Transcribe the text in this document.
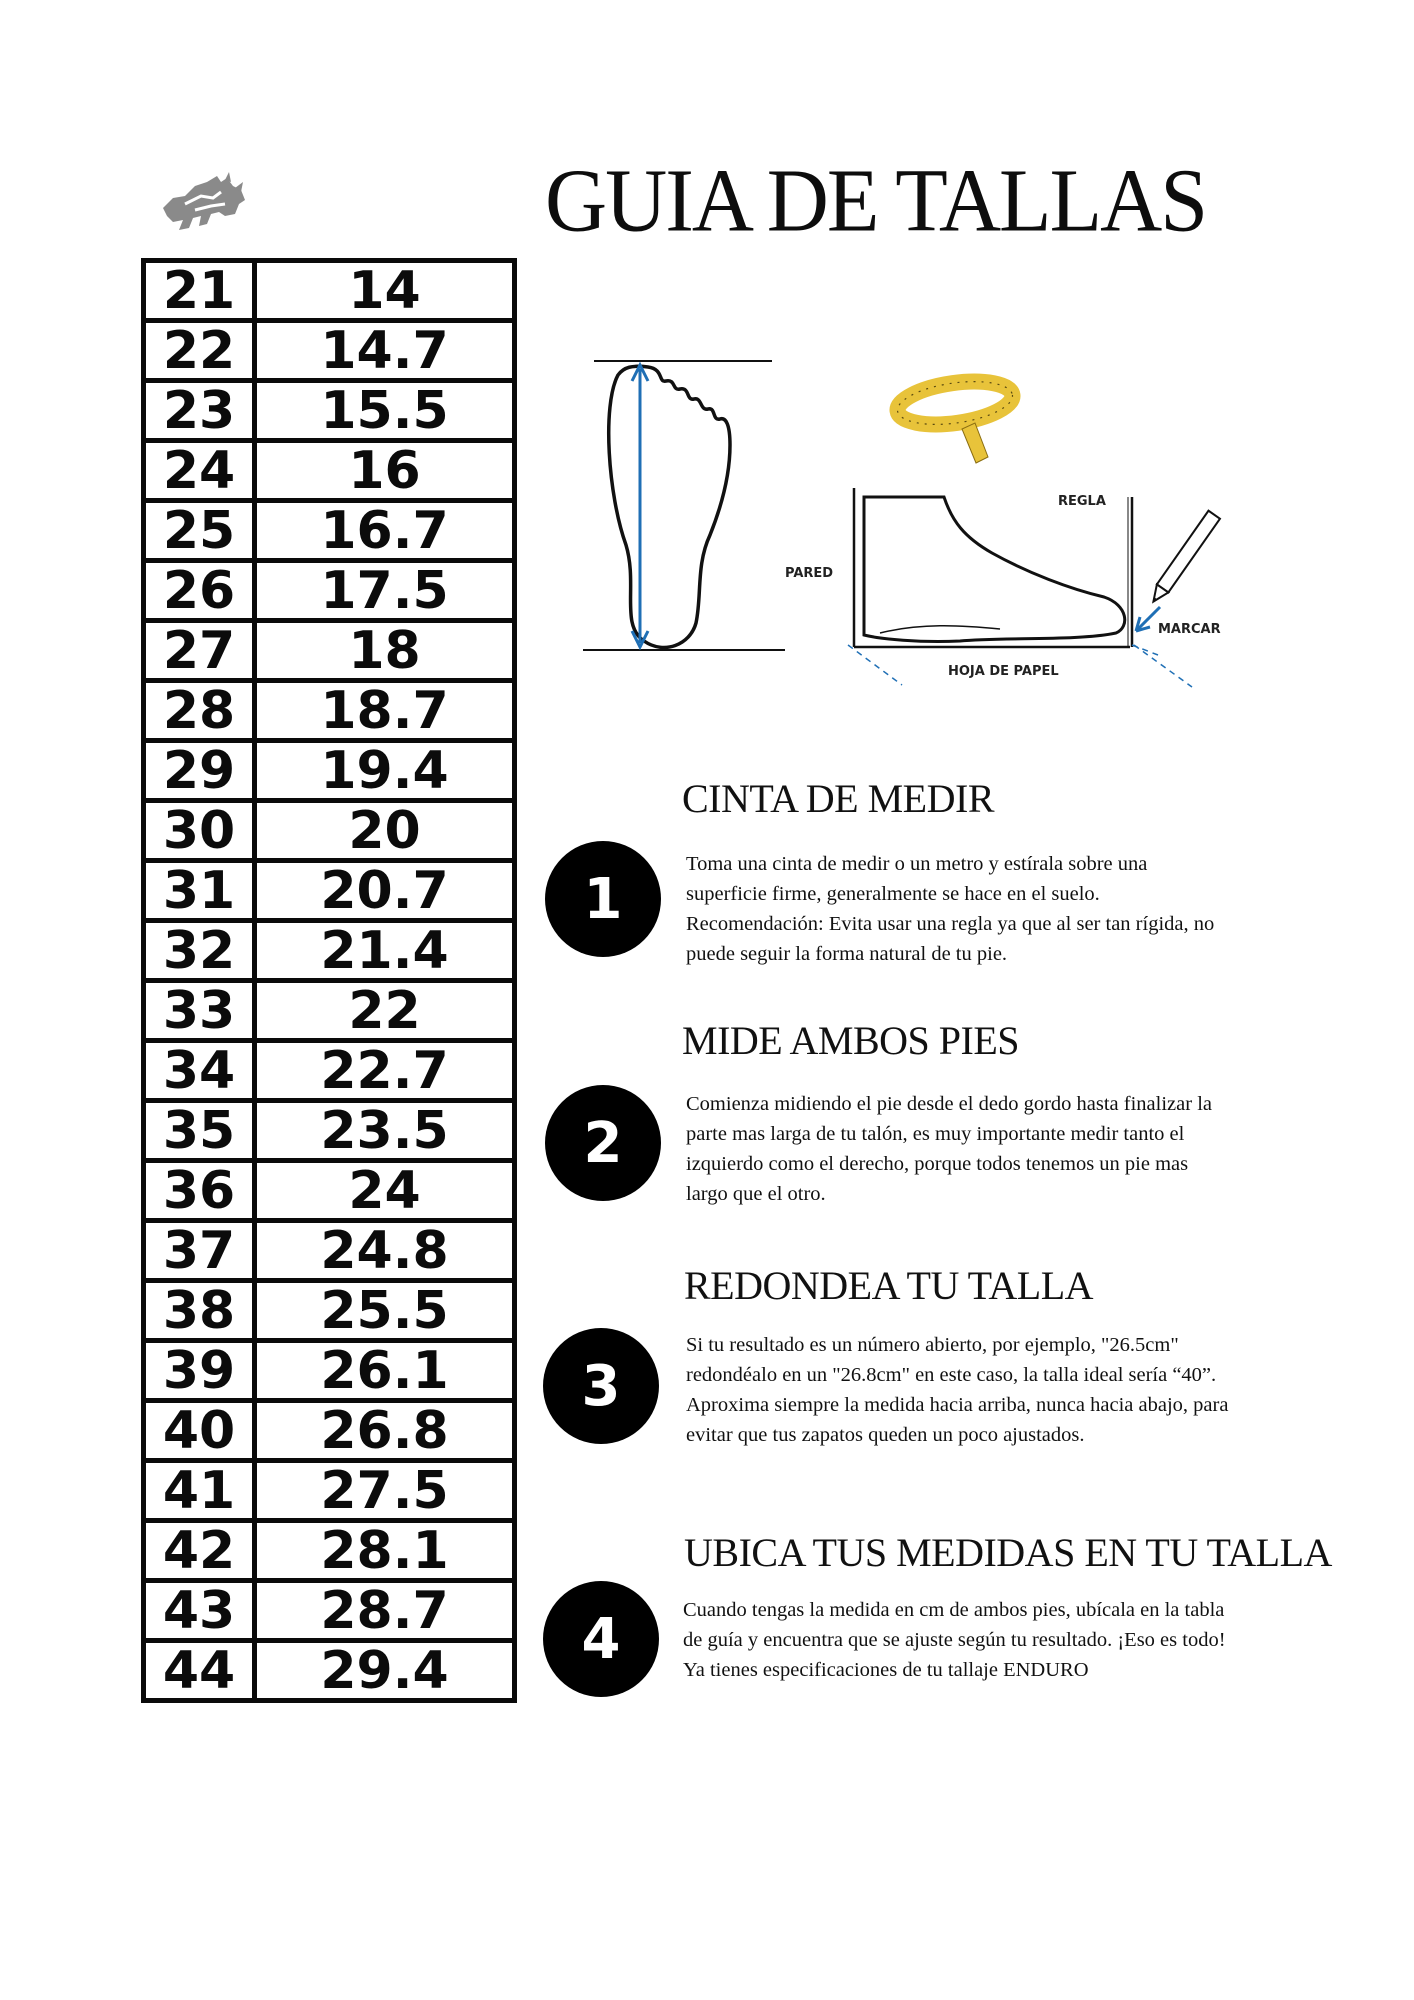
GUIA DE TALLAS
21	14
22	14.7
23	15.5
24	16
25	16.7
26	17.5
27	18
28	18.7
29	19.4
30	20
31	20.7
32	21.4
33	22
34	22.7
35	23.5
36	24
37	24.8
38	25.5
39	26.1
40	26.8
41	27.5
42	28.1
43	28.7
44	29.4
REGLA
PARED
MARCAR
HOJA DE PAPEL
CINTA DE MEDIR
1

Toma una cinta de medir o un metro y estírala sobre una
superficie firme, generalmente se hace en el suelo.
Recomendación: Evita usar una regla ya que al ser tan rígida, no
puede seguir la forma natural de tu pie.

MIDE AMBOS PIES
2

Comienza midiendo el pie desde el dedo gordo hasta finalizar la
parte mas larga de tu talón, es muy importante medir tanto el
izquierdo como el derecho, porque todos tenemos un pie mas
largo que el otro.

REDONDEA TU TALLA
3

Si tu resultado es un número abierto, por ejemplo, "26.5cm"
redondéalo en un "26.8cm" en este caso, la talla ideal sería “40”.
Aproxima siempre la medida hacia arriba, nunca hacia abajo, para
evitar que tus zapatos queden un poco ajustados.

UBICA TUS MEDIDAS EN TU TALLA
4	Cuando tengas la medida en cm de ambos pies, ubícala en la tabla
de guía y encuentra que se ajuste según tu resultado. ¡Eso es todo!
Ya tienes especificaciones de tu tallaje ENDURO
